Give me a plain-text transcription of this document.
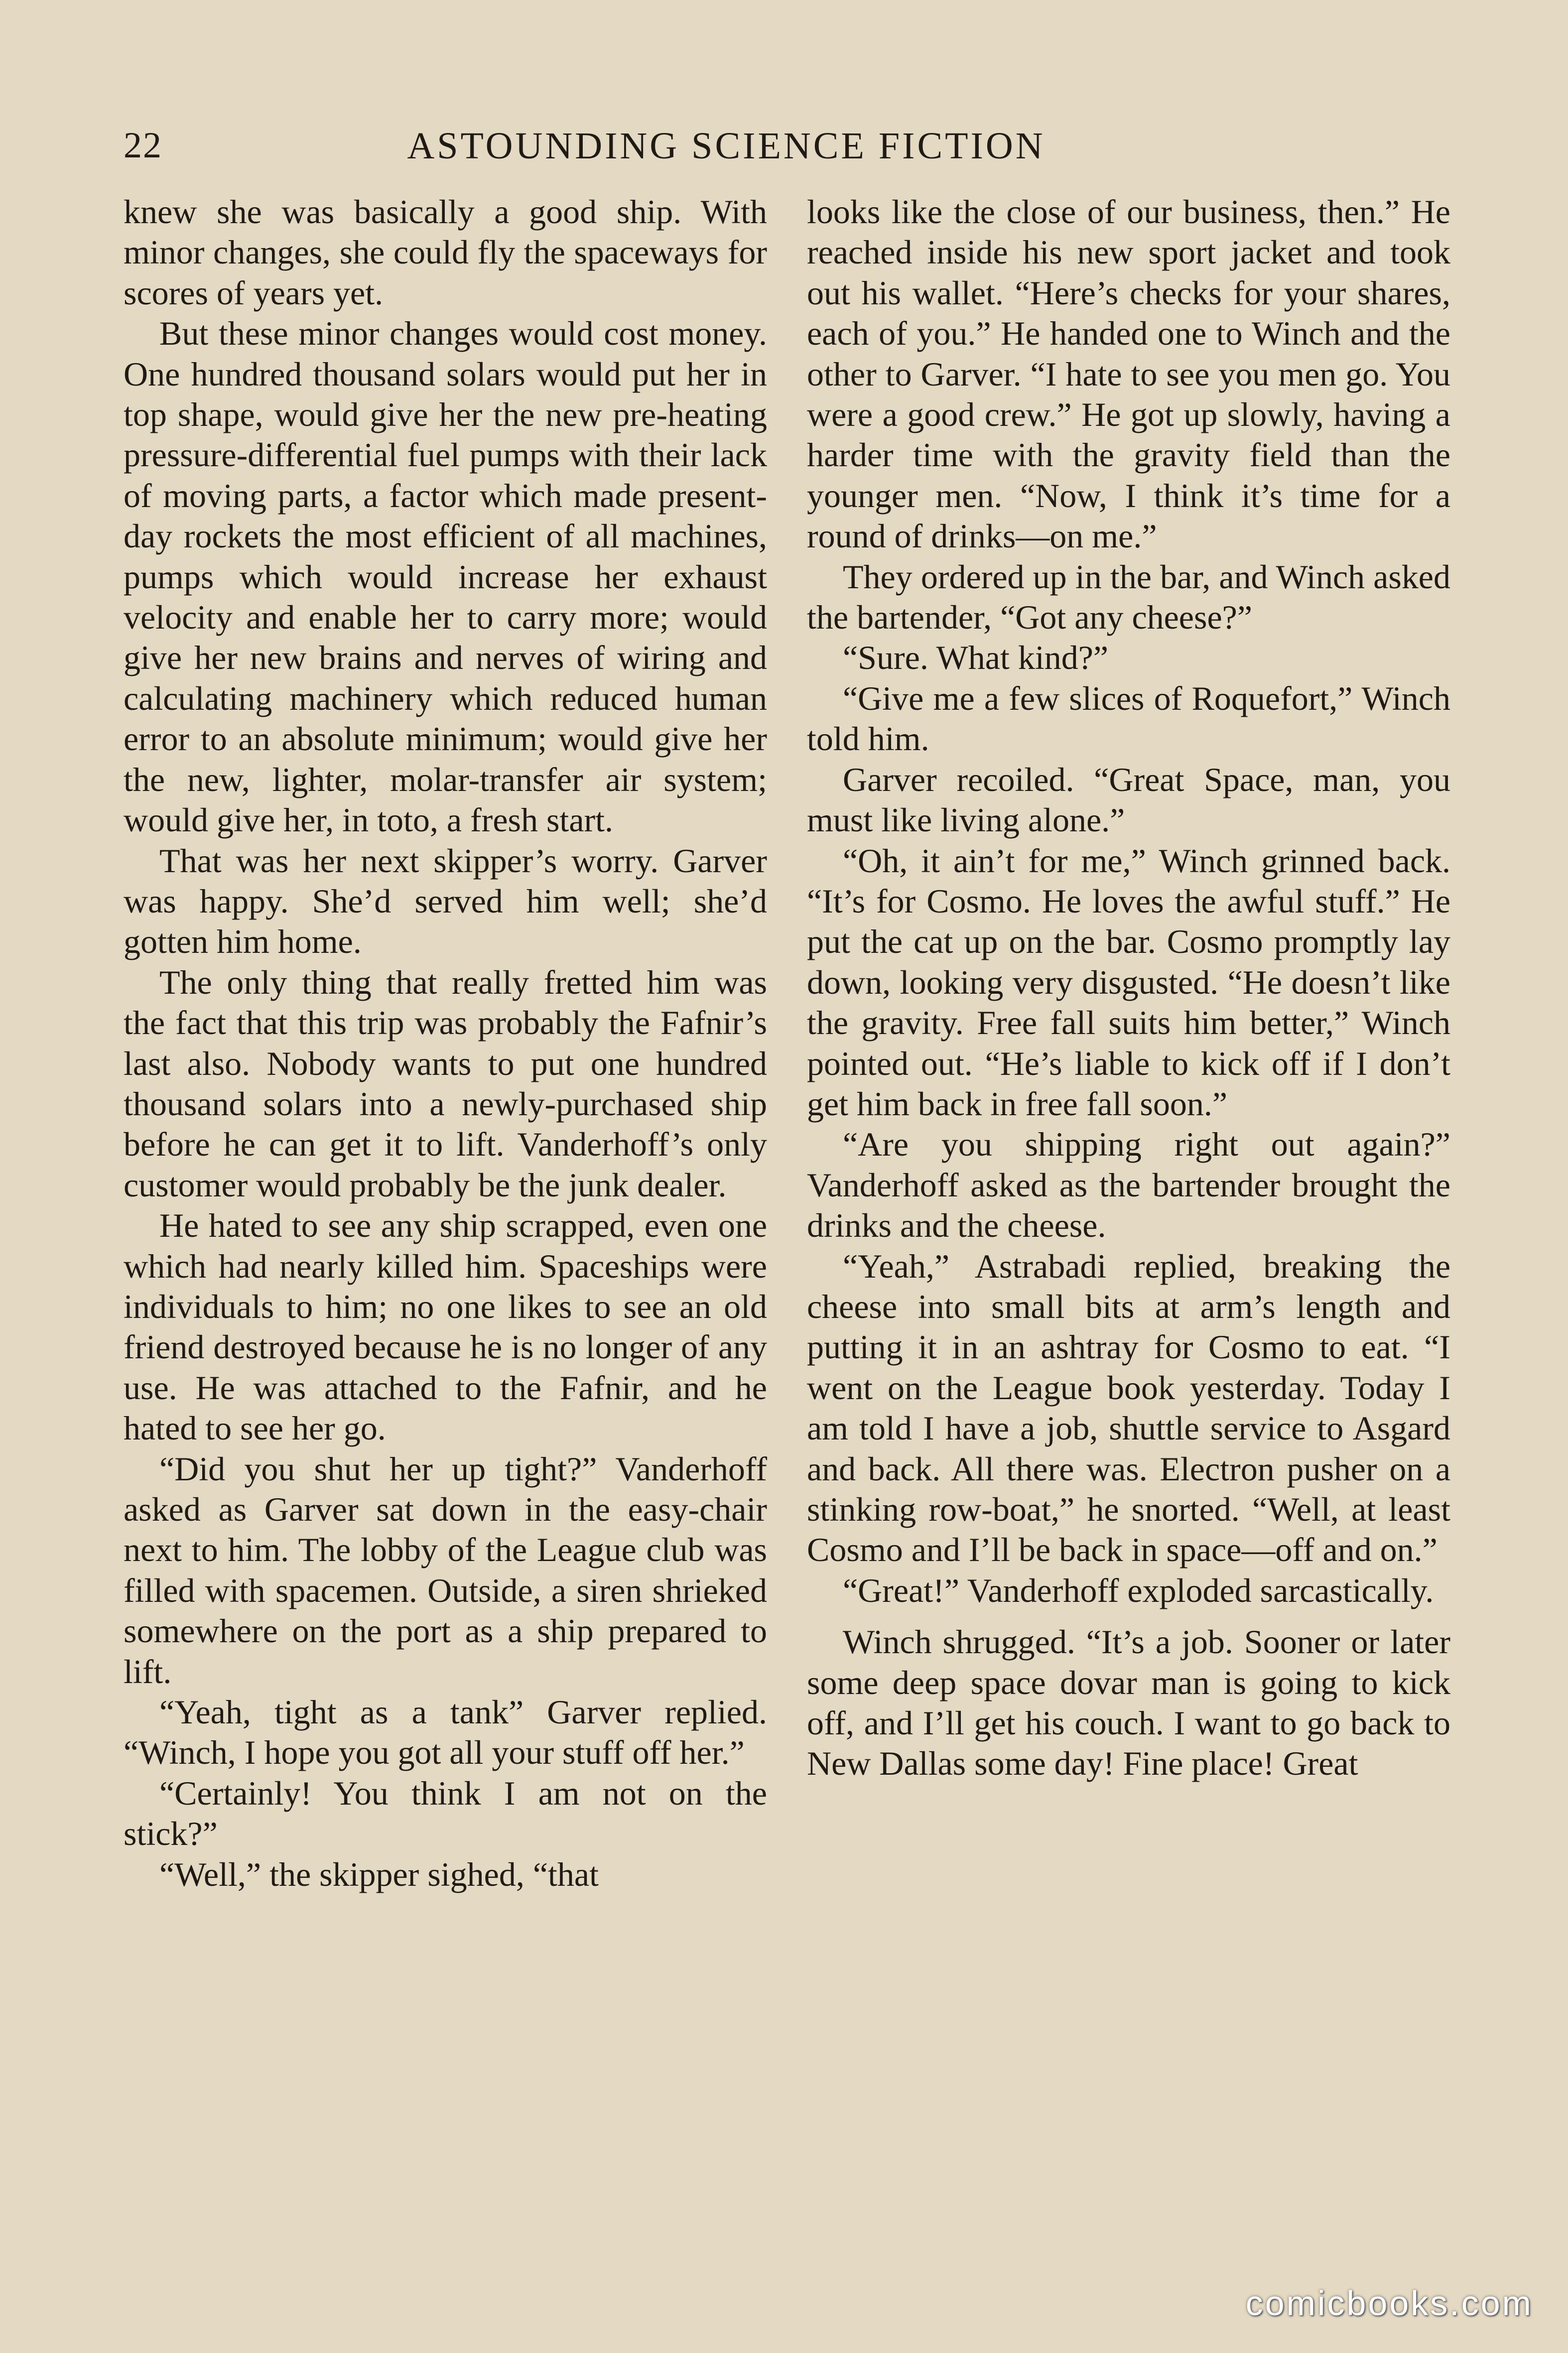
22	ASTOUNDING SCIENCE FICTION

knew she was basically a good ship. With minor changes, she could fly the spaceways for scores of years yet.

But these minor changes would cost money. One hundred thousand solars would put her in top shape, would give her the new pre-heating pressure-differential fuel pumps with their lack of moving parts, a factor which made present-day rockets the most efficient of all machines, pumps which would increase her exhaust velocity and enable her to carry more; would give her new brains and nerves of wiring and calculating machinery which reduced human error to an absolute minimum; would give her the new, lighter, molar-transfer air system; would give her, in toto, a fresh start.

That was her next skipper’s worry. Garver was happy. She’d served him well; she’d gotten him home.

The only thing that really fretted him was the fact that this trip was probably the Fafnir’s last also. Nobody wants to put one hundred thousand solars into a newly-purchased ship before he can get it to lift. Vanderhoff’s only customer would probably be the junk dealer.

He hated to see any ship scrapped, even one which had nearly killed him. Spaceships were individuals to him; no one likes to see an old friend destroyed because he is no longer of any use. He was attached to the Fafnir, and he hated to see her go.

“Did you shut her up tight?” Vanderhoff asked as Garver sat down in the easy-chair next to him. The lobby of the League club was filled with spacemen. Outside, a siren shrieked somewhere on the port as a ship prepared to lift.

“Yeah, tight as a tank” Garver replied. “Winch, I hope you got all your stuff off her.”

“Certainly! You think I am not on the stick?”

“Well,” the skipper sighed, “that

looks like the close of our business, then.” He reached inside his new sport jacket and took out his wallet. “Here’s checks for your shares, each of you.” He handed one to Winch and the other to Garver. “I hate to see you men go. You were a good crew.” He got up slowly, having a harder time with the gravity field than the younger men. “Now, I think it’s time for a round of drinks—on me.”

They ordered up in the bar, and Winch asked the bartender, “Got any cheese?”

“Sure. What kind?”

“Give me a few slices of Roquefort,” Winch told him.

Garver recoiled. “Great Space, man, you must like living alone.”

“Oh, it ain’t for me,” Winch grinned back. “It’s for Cosmo. He loves the awful stuff.” He put the cat up on the bar. Cosmo promptly lay down, looking very disgusted. “He doesn’t like the gravity. Free fall suits him better,” Winch pointed out. “He’s liable to kick off if I don’t get him back in free fall soon.”

“Are you shipping right out again?” Vanderhoff asked as the bartender brought the drinks and the cheese.

“Yeah,” Astrabadi replied, breaking the cheese into small bits at arm’s length and putting it in an ashtray for Cosmo to eat. “I went on the League book yesterday. Today I am told I have a job, shuttle service to Asgard and back. All there was. Electron pusher on a stinking row-boat,” he snorted. “Well, at least Cosmo and I’ll be back in space—off and on.”

“Great!” Vanderhoff exploded sarcastically.

Winch shrugged. “It’s a job. Sooner or later some deep space dovar man is going to kick off, and I’ll get his couch. I want to go back to New Dallas some day! Fine place! Great

comicbooks.com
